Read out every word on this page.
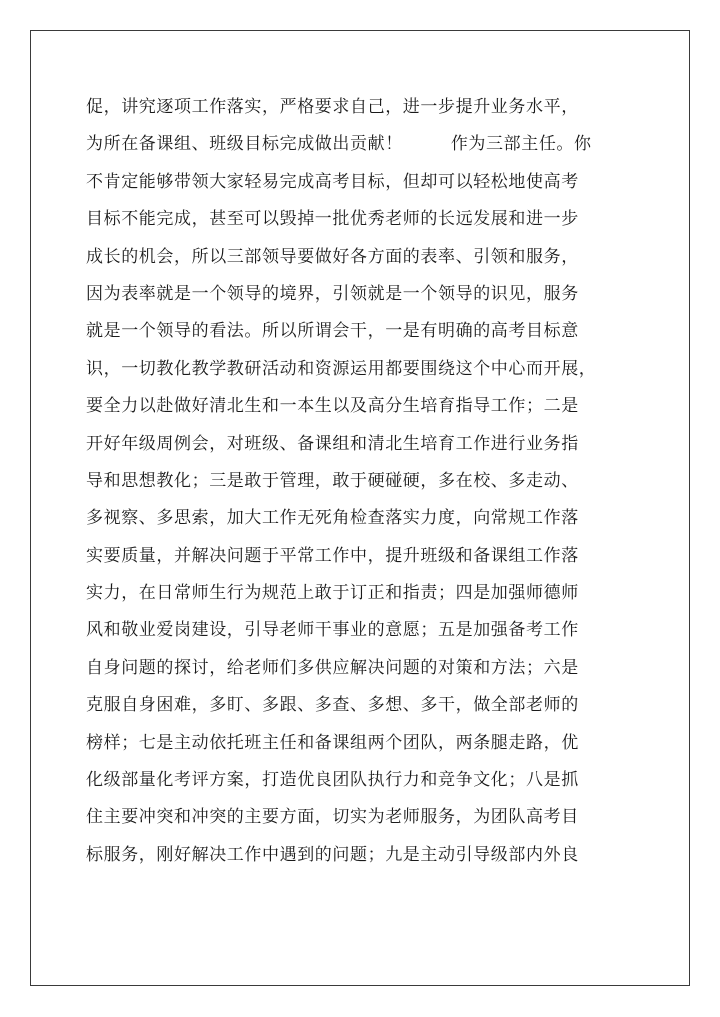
促，讲究逐项工作落实，严格要求自己，进一步提升业务水平，
为所在备课组、班级目标完成做出贡献！        作为三部主任。你
不肯定能够带领大家轻易完成高考目标，但却可以轻松地使高考
目标不能完成，甚至可以毁掉一批优秀老师的长远发展和进一步
成长的机会，所以三部领导要做好各方面的表率、引领和服务，
因为表率就是一个领导的境界，引领就是一个领导的识见，服务
就是一个领导的看法。所以所谓会干，一是有明确的高考目标意
识，一切教化教学教研活动和资源运用都要围绕这个中心而开展，
要全力以赴做好清北生和一本生以及高分生培育指导工作；二是
开好年级周例会，对班级、备课组和清北生培育工作进行业务指
导和思想教化；三是敢于管理，敢于硬碰硬，多在校、多走动、
多视察、多思索，加大工作无死角检查落实力度，向常规工作落
实要质量，并解决问题于平常工作中，提升班级和备课组工作落
实力，在日常师生行为规范上敢于订正和指责；四是加强师德师
风和敬业爱岗建设，引导老师干事业的意愿；五是加强备考工作
自身问题的探讨，给老师们多供应解决问题的对策和方法；六是
克服自身困难，多盯、多跟、多查、多想、多干，做全部老师的
榜样；七是主动依托班主任和备课组两个团队，两条腿走路，优
化级部量化考评方案，打造优良团队执行力和竞争文化；八是抓
住主要冲突和冲突的主要方面，切实为老师服务，为团队高考目
标服务，刚好解决工作中遇到的问题；九是主动引导级部内外良
